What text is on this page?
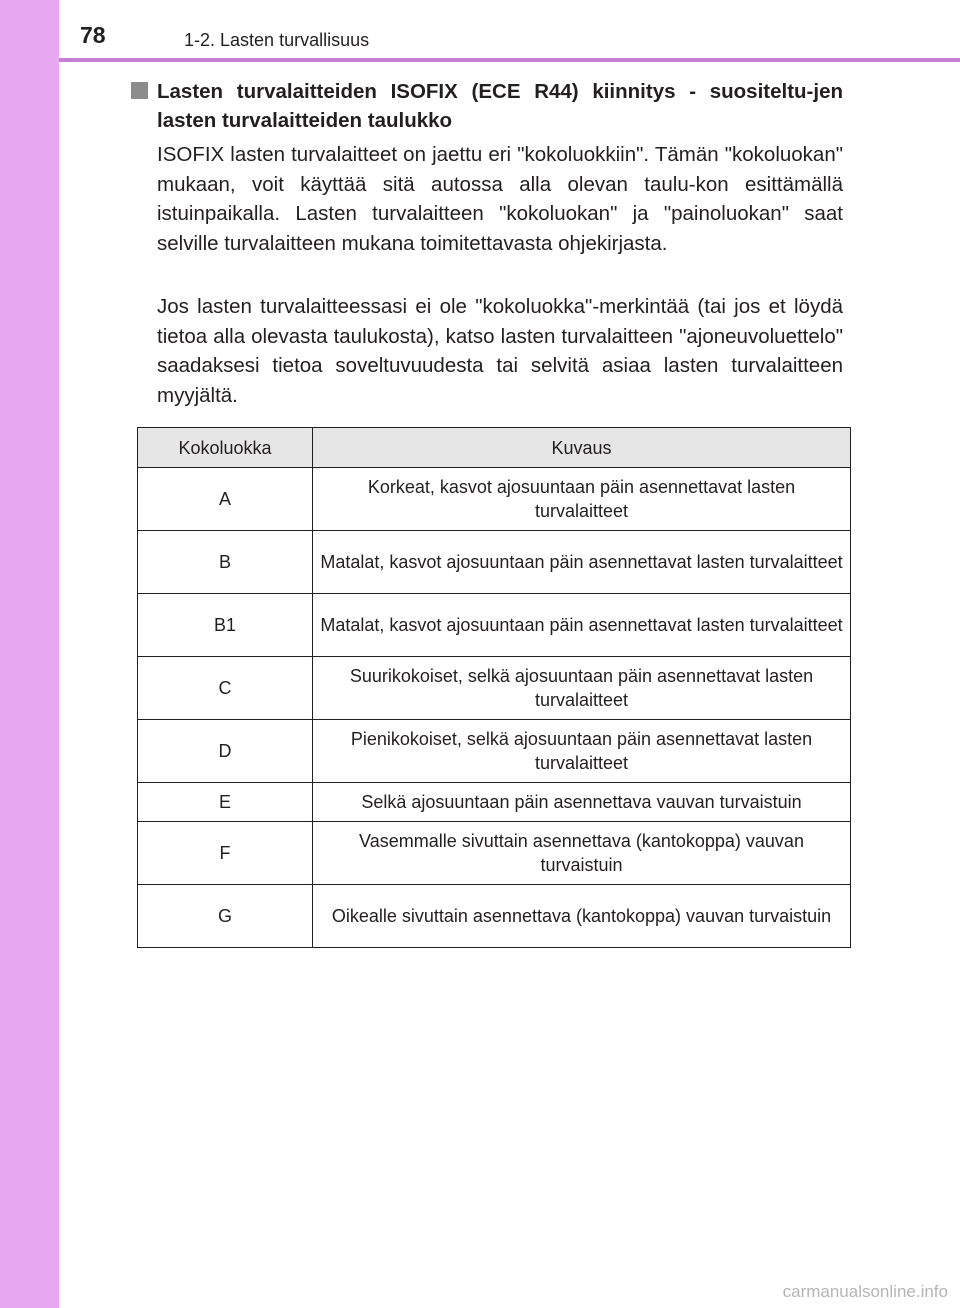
78	1-2. Lasten turvallisuus
Lasten turvalaitteiden ISOFIX (ECE R44) kiinnitys - suositeltu-jen lasten turvalaitteiden taulukko

ISOFIX lasten turvalaitteet on jaettu eri "kokoluokkiin". Tämän "kokoluokan" mukaan, voit käyttää sitä autossa alla olevan taulu-kon esittämällä istuinpaikalla. Lasten turvalaitteen "kokoluokan" ja "painoluokan" saat selville turvalaitteen mukana toimitettavasta ohjekirjasta.

Jos lasten turvalaitteessasi ei ole "kokoluokka"-merkintää (tai jos et löydä tietoa alla olevasta taulukosta), katso lasten turvalaitteen "ajoneuvoluettelo" saadaksesi tietoa soveltuvuudesta tai selvitä asiaa lasten turvalaitteen myyjältä.

Kokoluokka	Kuvaus
A	Korkeat, kasvot ajosuuntaan päin asennettavat lasten turvalaitteet
B	Matalat, kasvot ajosuuntaan päin asennettavat lasten turvalaitteet
B1	Matalat, kasvot ajosuuntaan päin asennettavat lasten turvalaitteet
C	Suurikokoiset, selkä ajosuuntaan päin asennettavat lasten turvalaitteet
D	Pienikokoiset, selkä ajosuuntaan päin asennettavat lasten turvalaitteet
E	Selkä ajosuuntaan päin asennettava vauvan turvaistuin
F	Vasemmalle sivuttain asennettava (kantokoppa) vauvan turvaistuin
G	Oikealle sivuttain asennettava (kantokoppa) vauvan turvaistuin
carmanualsonline.info
